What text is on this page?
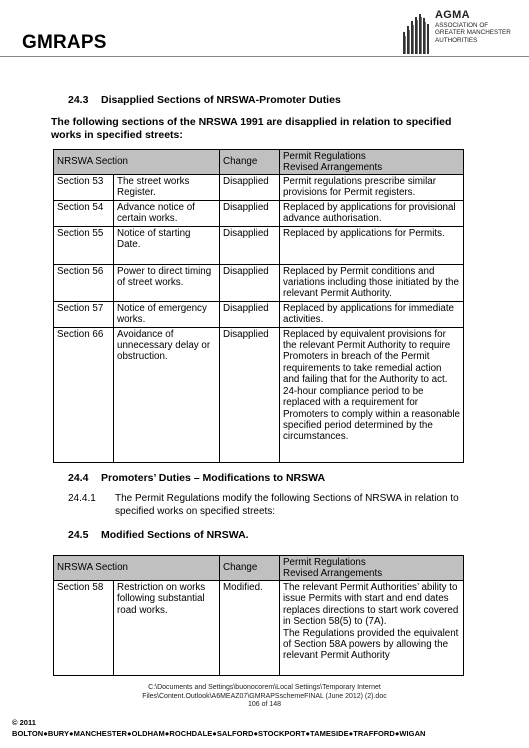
GMRAPS
AGMA
ASSOCIATION OF
GREATER MANCHESTER
AUTHORITIES
24.3 Disapplied Sections of NRSWA-Promoter Duties
The following sections of the NRSWA 1991 are disapplied in relation to specified works in specified streets:
NRSWA Section		Change	Permit Regulations
Revised Arrangements

Section 53	The street works Register.	Disapplied	Permit regulations prescribe similar provisions for Permit registers.
Section 54	Advance notice of certain works.	Disapplied	Replaced by applications for provisional advance authorisation.
Section 55	Notice of starting Date.	Disapplied	Replaced by applications for Permits.
Section 56	Power to direct timing of street works.	Disapplied	Replaced by Permit conditions and variations including those initiated by the relevant Permit Authority.
Section 57	Notice of emergency works.	Disapplied	Replaced by applications for immediate activities.
Section 66	Avoidance of unnecessary delay or obstruction.	Disapplied	Replaced by equivalent provisions for the relevant Permit Authority to require Promoters in breach of the Permit requirements to take remedial action and failing that for the Authority to act.
24-hour compliance period to be replaced with a requirement for Promoters to comply within a reasonable specified period determined by the circumstances.
24.4 Promoters’ Duties – Modifications to NRSWA
24.4.1 The Permit Regulations modify the following Sections of NRSWA in relation to specified works on specified streets:
24.5 Modified Sections of NRSWA.
NRSWA Section		Change	Permit Regulations
Revised Arrangements

Section 58	Restriction on works following substantial road works.	Modified.	The relevant Permit Authorities’ ability to issue Permits with start and end dates replaces directions to start work covered in Section 58(5) to (7A).
The Regulations provided the equivalent of Section 58A powers by allowing the relevant Permit Authority
C:\Documents and Settings\buonocorem\Local Settings\Temporary Internet
Files\Content.Outlook\A6MEAZ07\GMRAPSschemeFINAL (June 2012) (2).doc
106 of 148
© 2011
BOLTON●BURY●MANCHESTER●OLDHAM●ROCHDALE●SALFORD●STOCKPORT●TAMESIDE●TRAFFORD●WIGAN
